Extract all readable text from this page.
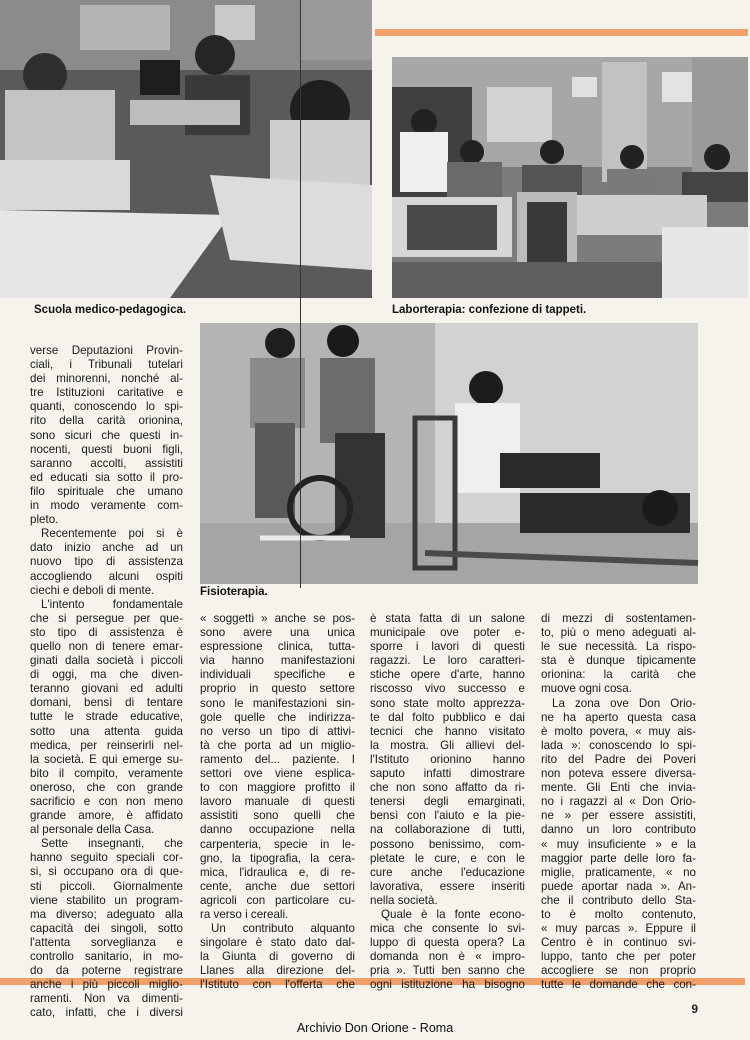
Scuola medico-pedagogica.	Laborterapia: confezione di tappeti.
Fisioterapia.
verse Deputazioni Provin-
ciali, i Tribunali tutelari
dei minorenni, nonché al-
tre Istituzioni caritative e
quanti, conoscendo lo spi-
rito della carità orionina,
sono sicuri che questi in-
nocenti, questi buoni figli,
saranno accolti, assistiti
ed educati sia sotto il pro-
filo spirituale che umano
in modo veramente com-
pleto.
Recentemente poi si è
dato inizio anche ad un
nuovo tipo di assistenza
accogliendo alcuni ospiti
ciechi e deboli di mente.
L'intento fondamentale
che si persegue per que-
sto tipo di assistenza è
quello non di tenere emar-
ginati dalla società i piccoli
di oggi, ma che diven-
teranno giovani ed adulti
domani, bensì di tentare
tutte le strade educative,
sotto una attenta guida
medica, per reinserirli nel-
la società. E qui emerge su-
bito il compito, veramente
oneroso, che con grande
sacrificio e con non meno
grande amore, è affidato
al personale della Casa.
Sette insegnanti, che
hanno seguito speciali cor-
si, si occupano ora di que-
sti piccoli. Giornalmente
viene stabilito un program-
ma diverso; adeguato alla
capacità dei singoli, sotto
l'attenta sorveglianza e
controllo sanitario, in mo-
do da poterne registrare
anche i più piccoli miglio-
ramenti. Non va dimenti-
cato, infatti, che i diversi
« soggetti » anche se pos-
sono avere una unica
espressione clinica, tutta-
via hanno manifestazioni
individuali specifiche e
proprio in questo settore
sono le manifestazioni sin-
gole quelle che indirizza-
no verso un tipo di attivi-
tà che porta ad un miglio-
ramento del... paziente. I
settori ove viene esplica-
to con maggiore profitto il
lavoro manuale di questi
assistiti sono quelli che
danno occupazione nella
carpenteria, specie in le-
gno, la tipografia, la cera-
mica, l'idraulica e, di re-
cente, anche due settori
agricoli con particolare cu-
ra verso i cereali.
Un contributo alquanto
singolare è stato dato dal-
la Giunta di governo di
Llanes alla direzione del-
l'Istituto con l'offerta che
è stata fatta di un salone
municipale ove poter e-
sporre i lavori di questi
ragazzi. Le loro caratteri-
stiche opere d'arte, hanno
riscosso vivo successo e
sono state molto apprezza-
te dal folto pubblico e dai
tecnici che hanno visitato
la mostra. Gli allievi del-
l'Istituto orionino hanno
saputo infatti dimostrare
che non sono affatto da ri-
tenersi degli emarginati,
bensì con l'aiuto e la pie-
na collaborazione di tutti,
possono benissimo, com-
pletate le cure, e con le
cure anche l'educazione
lavorativa, essere inseriti
nella società.
Quale è la fonte econo-
mica che consente lo svi-
luppo di questa opera? La
domanda non è « impro-
pria ». Tutti ben sanno che
ogni istituzione ha bisogno
di mezzi di sostentamen-
to, più o meno adeguati al-
le sue necessità. La rispo-
sta è dunque tipicamente
orionina: la carità che
muove ogni cosa.
La zona ove Don Orio-
ne ha aperto questa casa
è molto povera, « muy ais-
lada »: conoscendo lo spi-
rito del Padre dei Poveri
non poteva essere diversa-
mente. Gli Enti che invia-
no i ragazzi al « Don Orio-
ne » per essere assistiti,
danno un loro contributo
« muy insuficiente » e la
maggior parte delle loro fa-
miglie, praticamente, « no
puede aportar nada ». An-
che il contributo dello Sta-
to è molto contenuto,
« muy parcas ». Eppure il
Centro è in continuo svi-
luppo, tanto che per poter
accogliere se non proprio
tutte le domande che con-
9
Archivio Don Orione - Roma
